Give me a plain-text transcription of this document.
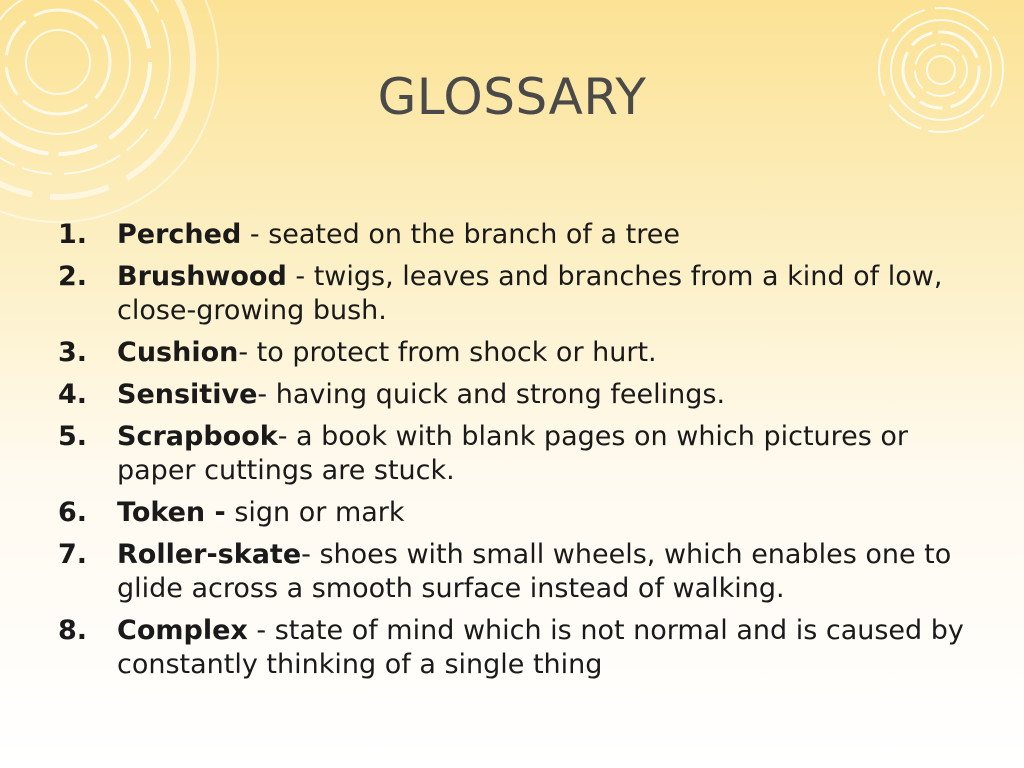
GLOSSARY
1. Perched - seated on the branch of a tree
2. Brushwood - twigs, leaves and branches from a kind of low, close-growing bush.
3. Cushion- to protect from shock or hurt.
4. Sensitive- having quick and strong feelings.
5. Scrapbook- a book with blank pages on which pictures or paper cuttings are stuck.
6. Token - sign or mark
7. Roller-skate- shoes with small wheels, which enables one to glide across a smooth surface instead of walking.
8. Complex - state of mind which is not normal and is caused by constantly thinking of a single thing
